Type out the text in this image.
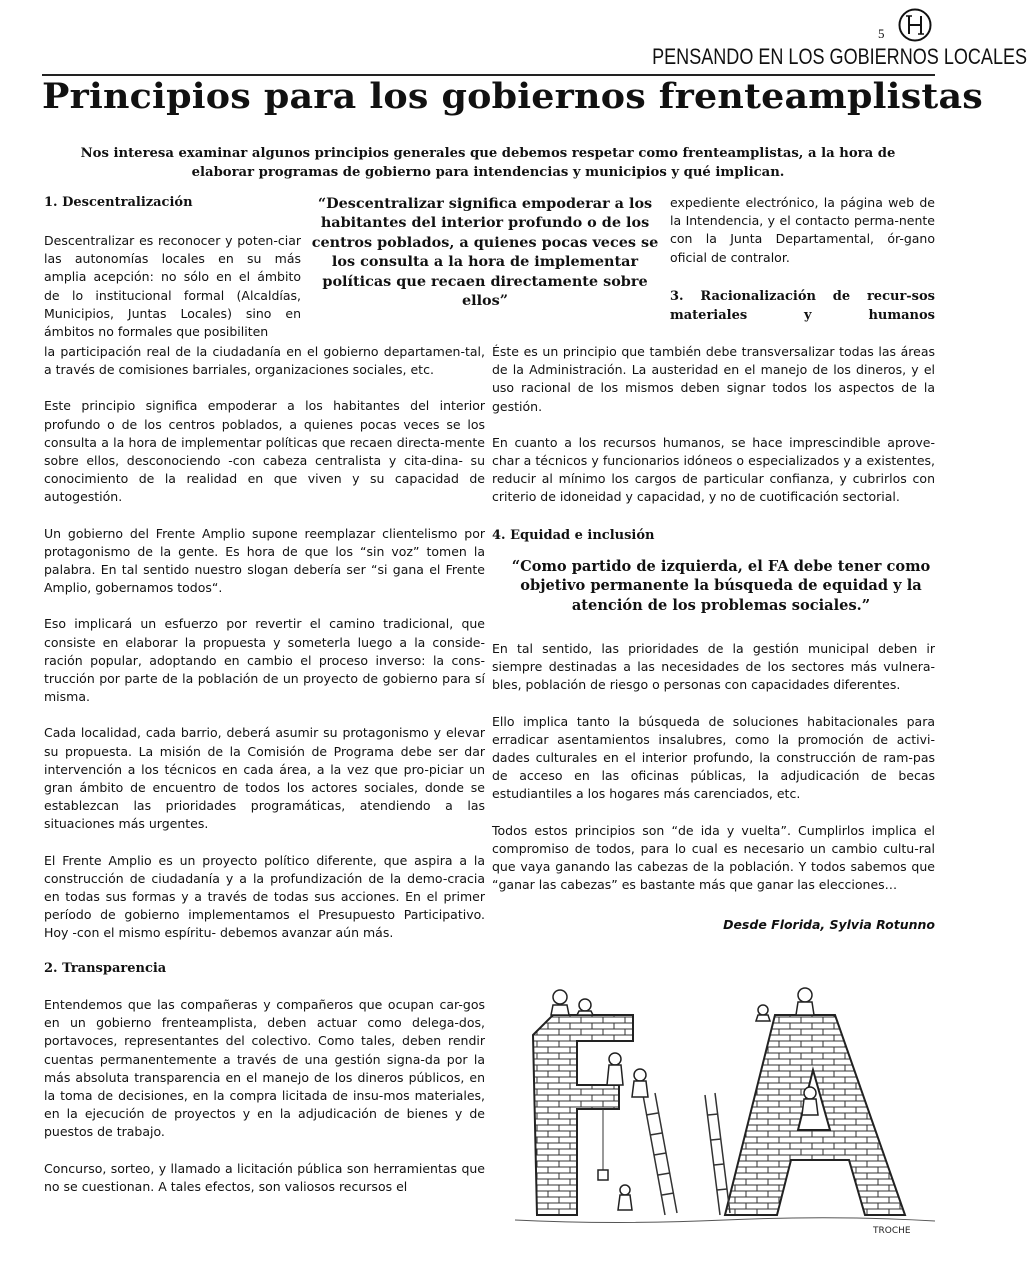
5
PENSANDO EN LOS GOBIERNOS LOCALES
Principios para los gobiernos frenteamplistas
Nos interesa examinar algunos principios generales que debemos respetar como frenteamplistas, a la hora de elaborar programas de gobierno para intendencias y municipios y qué implican.
1. Descentralización
Descentralizar es reconocer y poten-ciar las autonomías locales en su más amplia acepción: no sólo en el ámbito de lo institucional formal (Alcaldías, Municipios, Juntas Locales) sino en ámbitos no formales que posibiliten
“Descentralizar significa empoderar a los habitantes del interior profundo o de los centros poblados, a quienes pocas veces se los consulta a la hora de implementar políticas que recaen directamente sobre ellos”
expediente electrónico, la página web de la Intendencia, y el contacto perma-nente con la Junta Departamental, ór-gano oficial de contralor.
3. Racionalización de recur-sos materiales y humanos

la participación real de la ciudadanía en el gobierno departamen-tal, a través de comisiones barriales, organizaciones sociales, etc.

Este principio significa empoderar a los habitantes del interior profundo o de los centros poblados, a quienes pocas veces se los consulta a la hora de implementar políticas que recaen directa-mente sobre ellos, desconociendo -con cabeza centralista y cita-dina- su conocimiento de la realidad en que viven y su capacidad de autogestión.

Un gobierno del Frente Amplio supone reemplazar clientelismo por protagonismo de la gente. Es hora de que los “sin voz” tomen la palabra. En tal sentido nuestro slogan debería ser “si gana el Frente Amplio, gobernamos todos“.

Eso implicará un esfuerzo por revertir el camino tradicional, que consiste en elaborar la propuesta y someterla luego a la conside-ración popular, adoptando en cambio el proceso inverso: la cons-trucción por parte de la población de un proyecto de gobierno para sí misma.

Cada localidad, cada barrio, deberá asumir su protagonismo y elevar su propuesta. La misión de la Comisión de Programa debe ser dar intervención a los técnicos en cada área, a la vez que pro-piciar un gran ámbito de encuentro de todos los actores sociales, donde se establezcan las prioridades programáticas, atendiendo a las situaciones más urgentes.

El Frente Amplio es un proyecto político diferente, que aspira a la construcción de ciudadanía y a la profundización de la demo-cracia en todas sus formas y a través de todas sus acciones. En el primer período de gobierno implementamos el Presupuesto Participativo. Hoy -con el mismo espíritu- debemos avanzar aún más.

2. Transparencia

Entendemos que las compañeras y compañeros que ocupan car-gos en un gobierno frenteamplista, deben actuar como delega-dos, portavoces, representantes del colectivo. Como tales, deben rendir cuentas permanentemente a través de una gestión signa-da por la más absoluta transparencia en el manejo de los dineros públicos, en la toma de decisiones, en la compra licitada de insu-mos materiales, en la ejecución de proyectos y en la adjudicación de bienes y de puestos de trabajo.

Concurso, sorteo, y llamado a licitación pública son herramientas que no se cuestionan. A tales efectos, son valiosos recursos el

Éste es un principio que también debe transversalizar todas las áreas de la Administración. La austeridad en el manejo de los dineros, y el uso racional de los mismos deben signar todos los aspectos de la gestión.

En cuanto a los recursos humanos, se hace imprescindible aprove-char a técnicos y funcionarios idóneos o especializados y a existentes, reducir al mínimo los cargos de particular confianza, y cubrirlos con criterio de idoneidad y capacidad, y no de cuotificación sectorial.

4. Equidad e inclusión
“Como partido de izquierda, el FA debe tener como objetivo permanente la búsqueda de equidad y la atención de los problemas sociales.”

En tal sentido, las prioridades de la gestión municipal deben ir siempre destinadas a las necesidades de los sectores más vulnera-bles, población de riesgo o personas con capacidades diferentes.

Ello implica tanto la búsqueda de soluciones habitacionales para erradicar asentamientos insalubres, como la promoción de activi-dades culturales en el interior profundo, la construcción de ram-pas de acceso en las oficinas públicas, la adjudicación de becas estudiantiles a los hogares más carenciados, etc.

Todos estos principios son “de ida y vuelta”. Cumplirlos implica el compromiso de todos, para lo cual es necesario un cambio cultu-ral que vaya ganando las cabezas de la población. Y todos sabemos que “ganar las cabezas” es bastante más que ganar las elecciones…

Desde Florida, Sylvia Rotunno
TROCHE
